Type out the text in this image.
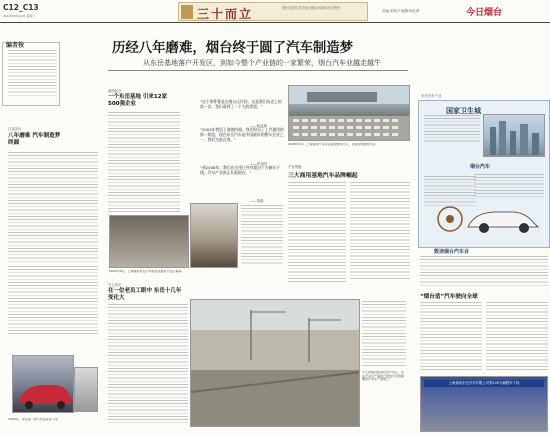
C12_C13
2010年8月10日 星期二	三十而立	烟台经济技术开发区建区30周年纪念特刊
责编:宋海宁 编辑:杨业翠	今日烟台
历经八年磨难，烟台终于圆了汽车制造梦
从东岳基地落户开发区，到如今整个产业链的一家繁荣，烟台汽车业越走越牛
编者按
口述亲历
八年磨难 汽车制造梦终圆
重磅起点
一个东岳基地 引来12家500强企业
2002年9月，上海通用东岳汽车项目在烟台开发区奠基
个人成长
在一位老员工眼中 东岳十几年变化大
“这个事件算是在烟台运作的，这是我们历史上的第一次，我们看到了一个大的希望。”
——杨业翠
“2002年我回上海的时候，我们经历了上汽通用的第一阶段，现在东岳汽车是中国最好的整车企业之一，我们为此自豪。”
——许光明
“到2008年，我们在这里已经有超过十万辆车下线，汽车产业真正扎根烟台。”
——刘燕
2008年6月，上海通用汽车东岳基地整车出口，在烟台港装船外运
产业集聚
三大商用基地汽车品牌崛起
今天的烟台经济技术开发区，东岳汽车生产基地已经成为全国重要的汽车生产基地之一
东岳汽车产业
国家卫生城
烟台汽车
数读烟台汽车业
“烟台造”汽车驶向全球
上海通用东岳汽车有限公司第100万辆整车下线
1999年，东岳第一台汽车在这里下线
